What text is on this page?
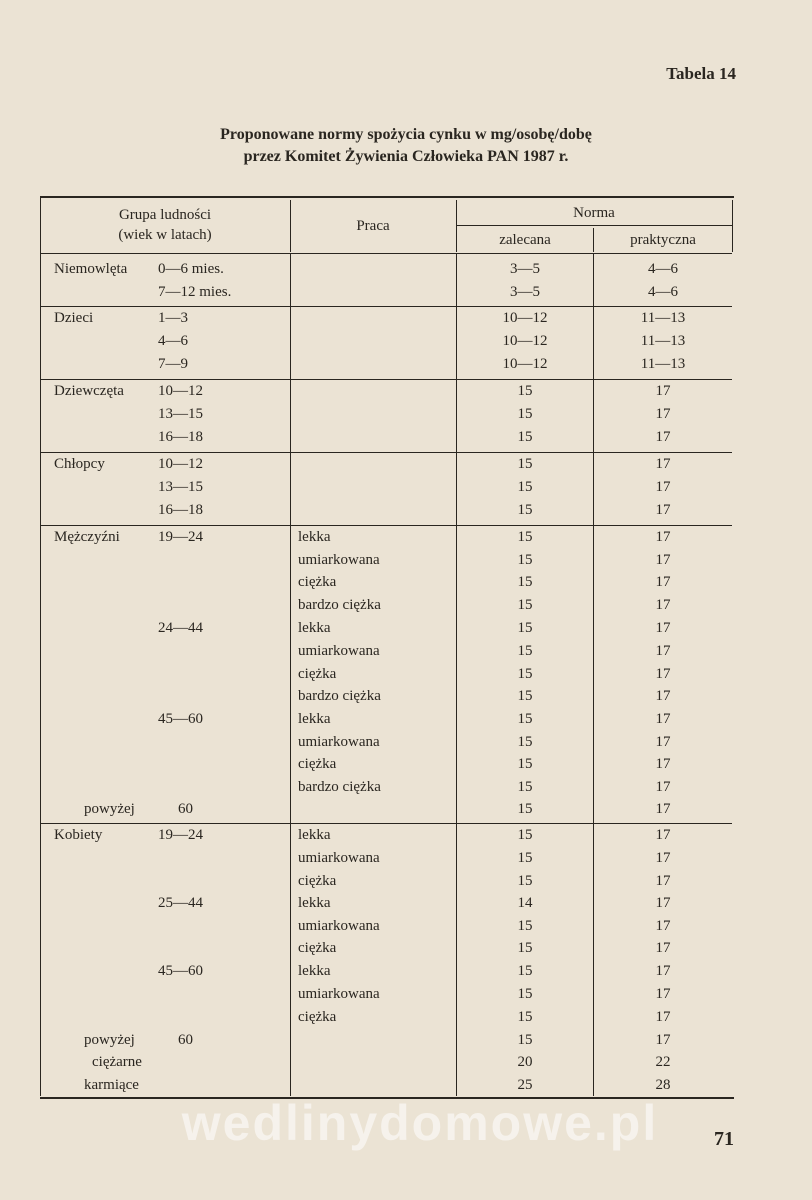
Tabela 14
Proponowane normy spożycia cynku w mg/osobę/dobę
przez Komitet Żywienia Człowieka PAN 1987 r.
Grupa ludności
(wiek w latach)
Praca
Norma
zalecana	praktyczna
Niemowlęta 0—6 mies.	3—5	4—6
7—12 mies.	3—5	4—6
Dzieci	1—3	10—12	11—13
4—6	10—12	11—13
7—9	10—12	11—13
Dziewczęta 10—12	15	17
13—15	15	17
16—18	15	17
Chłopcy	10—12	15	17
13—15	15	17
16—18	15	17
Mężczyźni	19—24	lekka	15	17
umiarkowana	15	17
ciężka	15	17
bardzo ciężka	15	17
24—44	lekka	15	17
umiarkowana	15	17
ciężka	15	17
bardzo ciężka	15	17
45—60	lekka	15	17
umiarkowana	15	17
ciężka	15	17
bardzo ciężka	15	17
powyżej	60	15	17
Kobiety	19—24	lekka	15	17
umiarkowana	15	17
ciężka	15	17
25—44	lekka	14	17
umiarkowana	15	17
ciężka	15	17
45—60	lekka	15	17
umiarkowana	15	17
ciężka	15	17
powyżej	60	15	17
ciężarne	20	22
karmiące	25	28
wedlinydomowe.pl	71
